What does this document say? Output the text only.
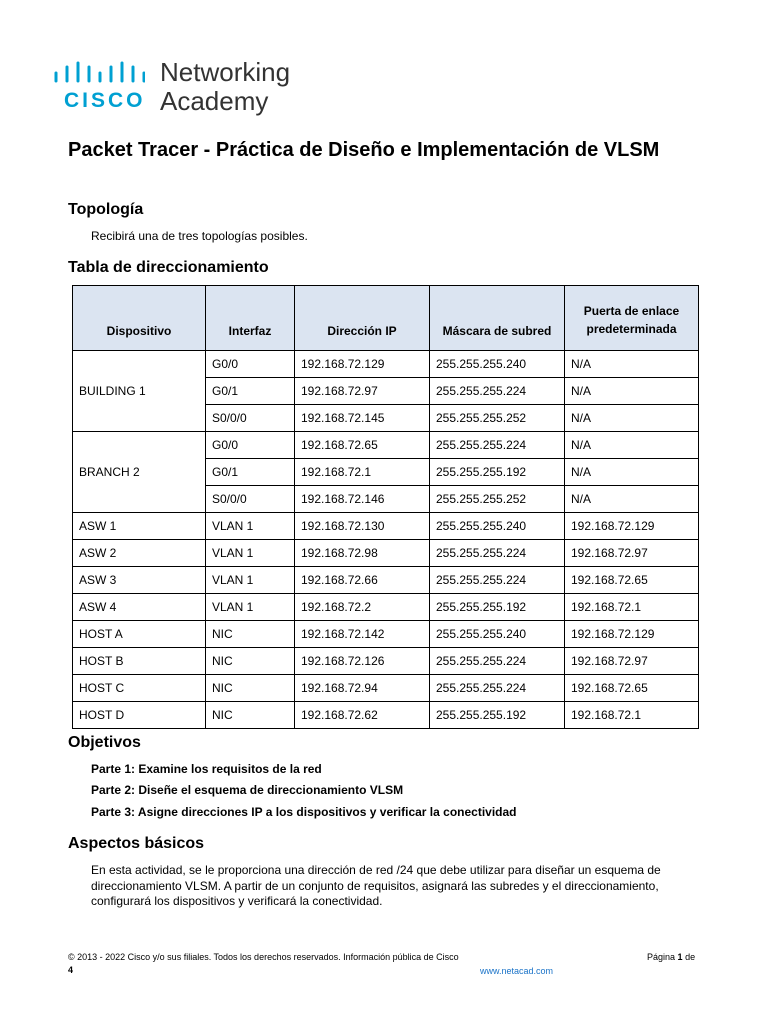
CISCO
Networking
Academy
Packet Tracer - Práctica de Diseño e Implementación de VLSM
Topología

Recibirá una de tres topologías posibles.

Tabla de direccionamiento
Dispositivo	Interfaz	Dirección IP	Máscara de subred	Puerta de enlace
predeterminada
BUILDING 1	G0/0	192.168.72.129	255.255.255.240	N/A
	G0/1	192.168.72.97	255.255.255.224	N/A
	S0/0/0	192.168.72.145	255.255.255.252	N/A
BRANCH 2	G0/0	192.168.72.65	255.255.255.224	N/A
	G0/1	192.168.72.1	255.255.255.192	N/A
	S0/0/0	192.168.72.146	255.255.255.252	N/A
ASW 1	VLAN 1	192.168.72.130	255.255.255.240	192.168.72.129
ASW 2	VLAN 1	192.168.72.98	255.255.255.224	192.168.72.97
ASW 3	VLAN 1	192.168.72.66	255.255.255.224	192.168.72.65
ASW 4	VLAN 1	192.168.72.2	255.255.255.192	192.168.72.1
HOST A	NIC	192.168.72.142	255.255.255.240	192.168.72.129
HOST B	NIC	192.168.72.126	255.255.255.224	192.168.72.97
HOST C	NIC	192.168.72.94	255.255.255.224	192.168.72.65
HOST D	NIC	192.168.72.62	255.255.255.192	192.168.72.1
Objetivos

Parte 1: Examine los requisitos de la red

Parte 2: Diseñe el esquema de direccionamiento VLSM

Parte 3: Asigne direcciones IP a los dispositivos y verificar la conectividad

Aspectos básicos

En esta actividad, se le proporciona una dirección de red /24 que debe utilizar para diseñar un esquema de

direccionamiento VLSM. A partir de un conjunto de requisitos, asignará las subredes y el direccionamiento,

configurará los dispositivos y verificará la conectividad.

© 2013 - 2022 Cisco y/o sus filiales. Todos los derechos reservados. Información pública de Cisco	Página 1 de
4	www.netacad.com
